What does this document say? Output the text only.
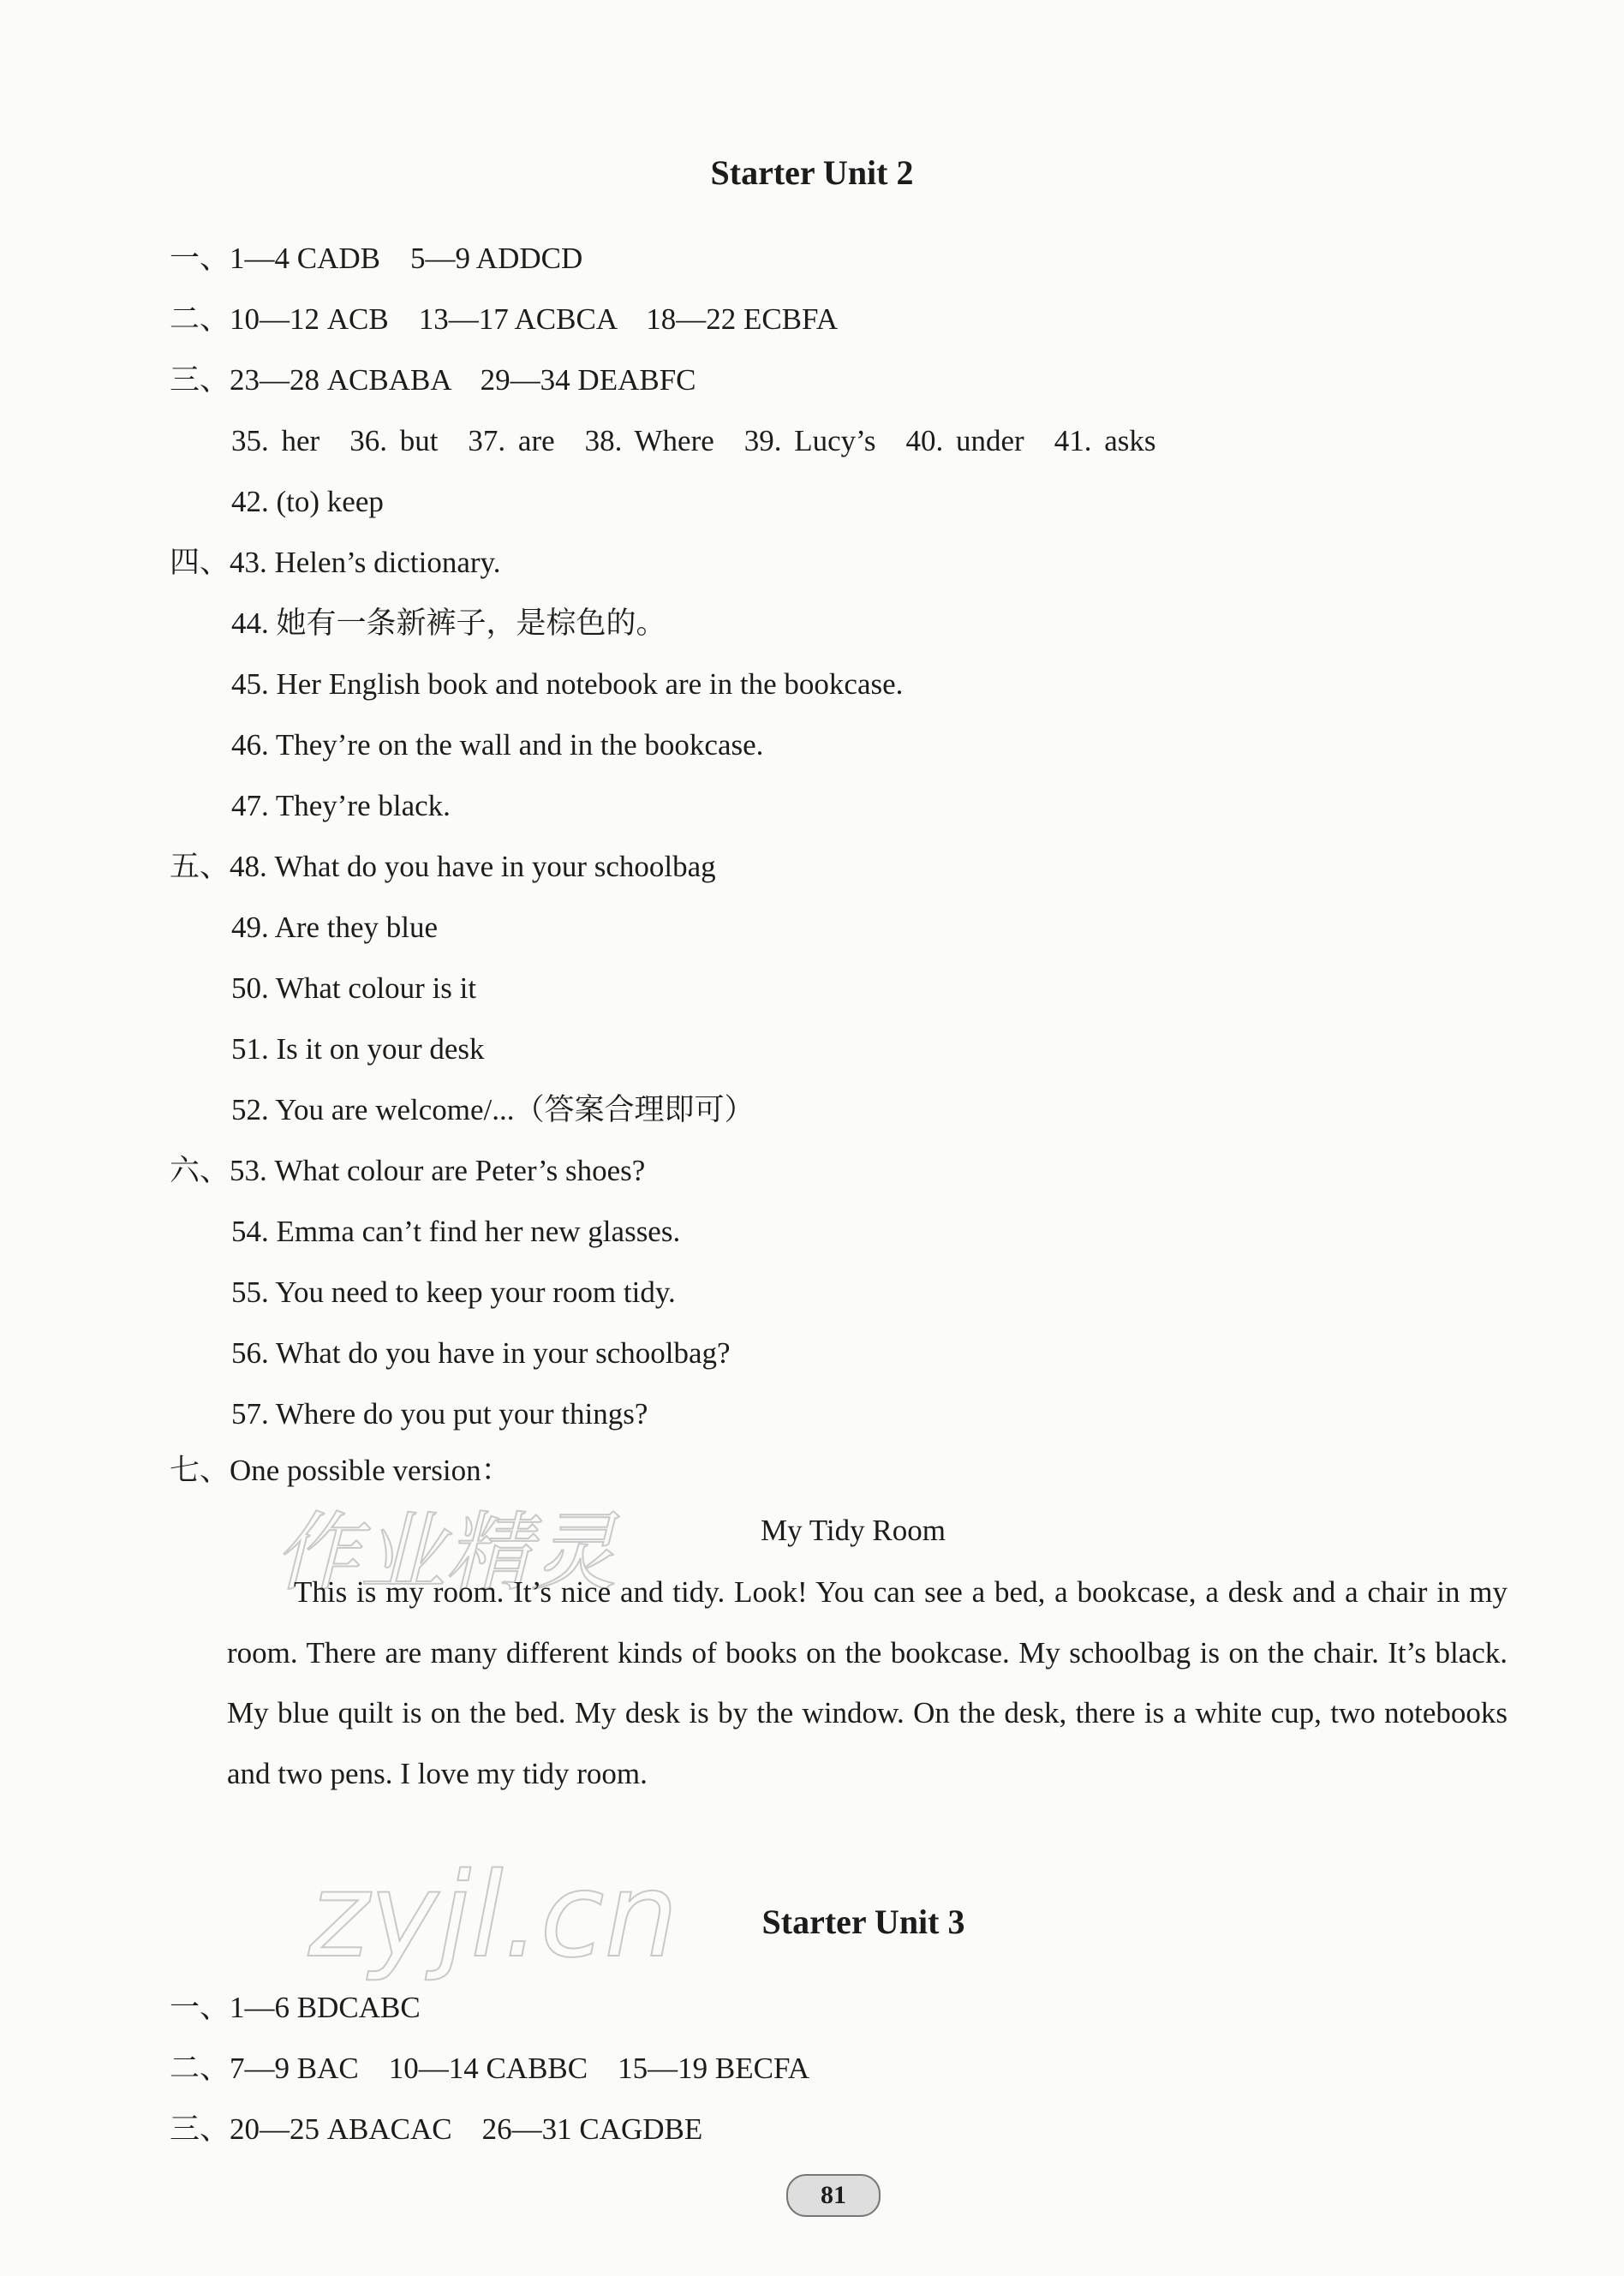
Starter Unit 2
一、1—4 CADB　5—9 ADDCD
二、10—12 ACB　13—17 ACBCA　18—22 ECBFA
三、23—28 ACBABA　29—34 DEABFC
35. her　36. but　37. are　38. Where　39. Lucy’s　40. under　41. asks
42. (to) keep
四、43. Helen’s dictionary.
44. 她有一条新裤子，是棕色的。
45. Her English book and notebook are in the bookcase.
46. They’re on the wall and in the bookcase.
47. They’re black.
五、48. What do you have in your schoolbag
49. Are they blue
50. What colour is it
51. Is it on your desk
52. You are welcome/...（答案合理即可）
六、53. What colour are Peter’s shoes?
54. Emma can’t find her new glasses.
55. You need to keep your room tidy.
56. What do you have in your schoolbag?
57. Where do you put your things?
七、One possible version：
作业精灵	My Tidy Room
This is my room. It’s nice and tidy. Look! You can see a bed, a bookcase, a desk and a chair in my room. There are many different kinds of books on the bookcase. My schoolbag is on the chair. It’s black. My blue quilt is on the bed. My desk is by the window. On the desk, there is a white cup, two notebooks and two pens. I love my tidy room.
zyjl.cn	Starter Unit 3
一、1—6 BDCABC
二、7—9 BAC　10—14 CABBC　15—19 BECFA
三、20—25 ABACAC　26—31 CAGDBE
81
